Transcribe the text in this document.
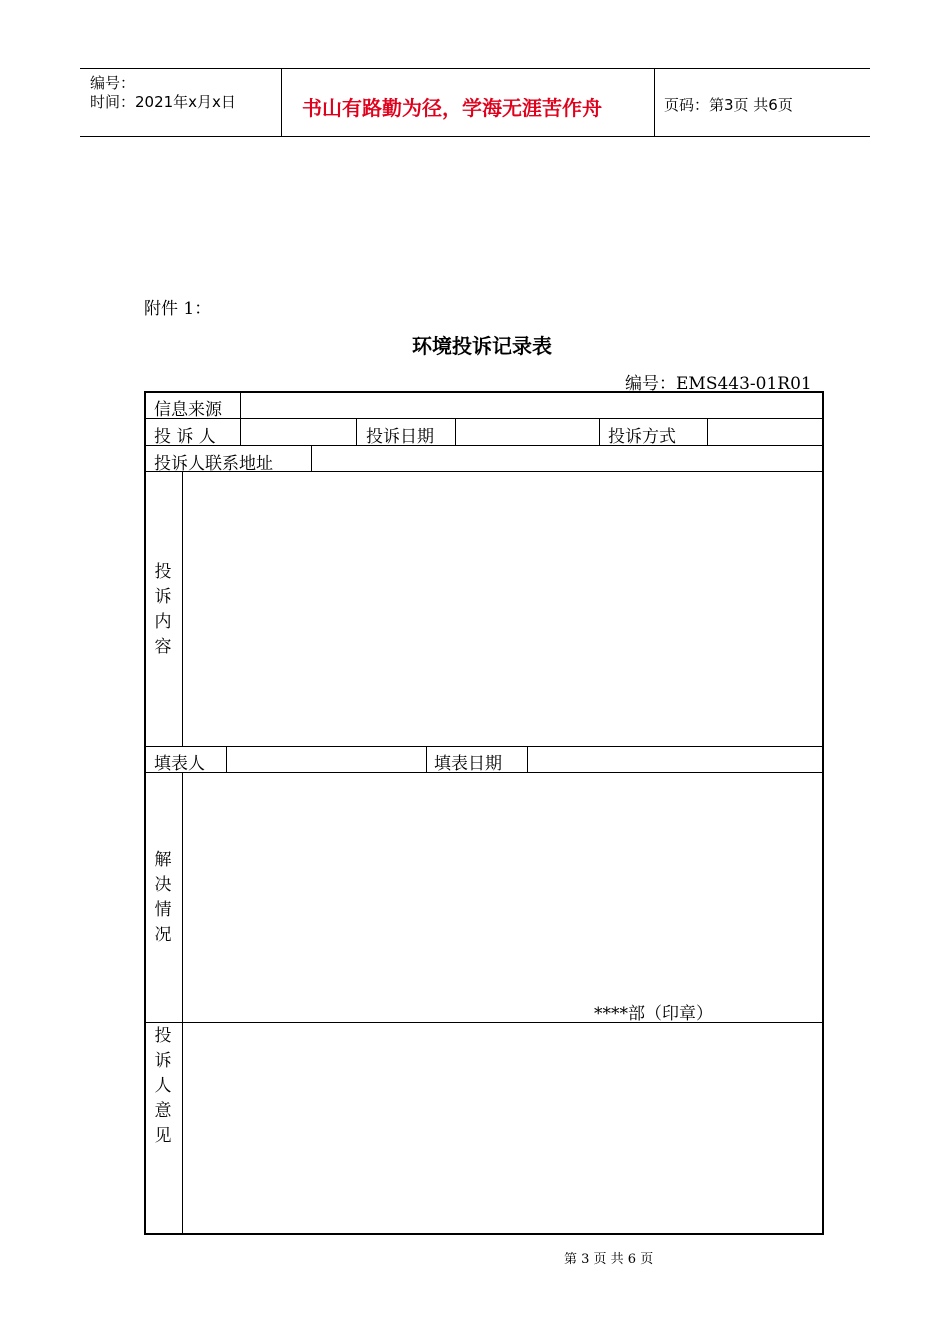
编号：
时间：2021年x月x日	书山有路勤为径，学海无涯苦作舟	页码：第3页 共6页
附件 1：
环境投诉记录表
编号：EMS443-01R01
信息来源
投 诉 人	投诉日期	投诉方式
投诉人联系地址
投
诉
内
容
填表人	填表日期
解
决
情
况
****部（印章）
投
诉
人
意
见
第 3 页 共 6 页
